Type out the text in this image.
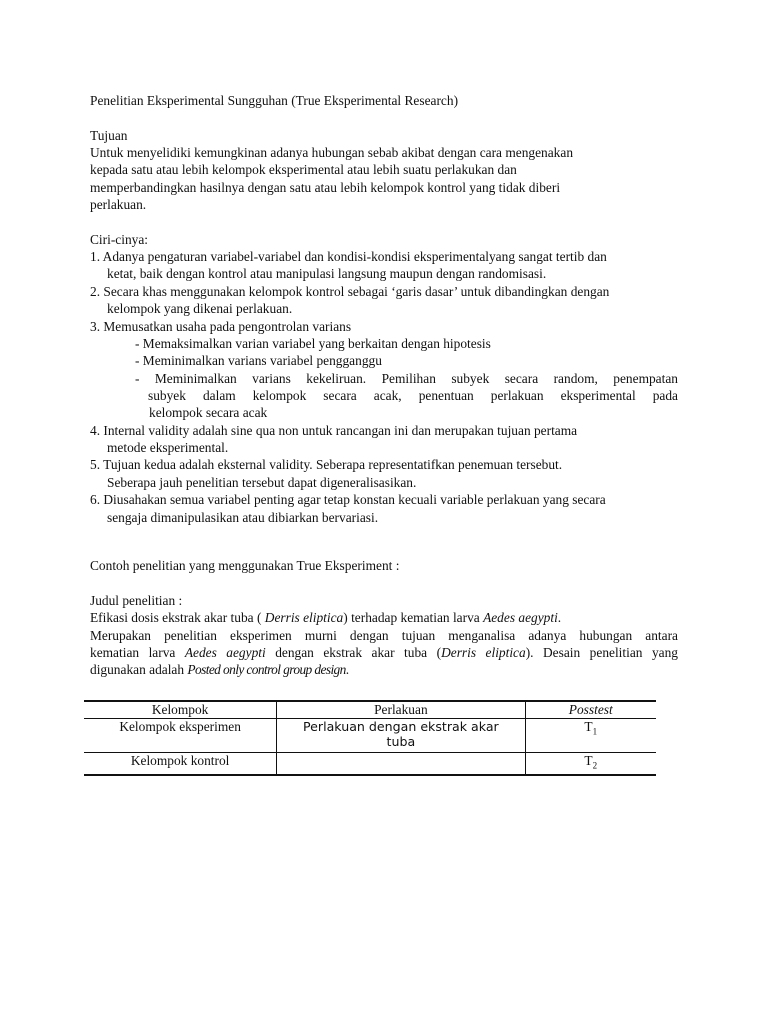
Penelitian Eksperimental Sungguhan (True Eksperimental Research)
Tujuan
Untuk menyelidiki kemungkinan adanya hubungan sebab akibat dengan cara mengenakan
kepada satu atau lebih kelompok eksperimental atau lebih suatu perlakukan dan
memperbandingkan hasilnya dengan satu atau lebih kelompok kontrol yang tidak diberi
perlakuan.
Ciri-cinya:
1. Adanya pengaturan variabel-variabel dan kondisi-kondisi eksperimentalyang sangat tertib dan
ketat, baik dengan kontrol atau manipulasi langsung maupun dengan randomisasi.
2. Secara khas menggunakan kelompok kontrol sebagai ‘garis dasar’ untuk dibandingkan dengan
kelompok yang dikenai perlakuan.
3. Memusatkan usaha pada pengontrolan varians
- Memaksimalkan varian variabel yang berkaitan dengan hipotesis
- Meminimalkan varians variabel pengganggu
- Meminimalkan varians kekeliruan. Pemilihan subyek secara random, penempatan
subyek dalam kelompok secara acak, penentuan perlakuan eksperimental pada
kelompok secara acak
4. Internal validity adalah sine qua non untuk rancangan ini dan merupakan tujuan pertama
metode eksperimental.
5. Tujuan kedua adalah eksternal validity. Seberapa representatifkan penemuan tersebut.
Seberapa jauh penelitian tersebut dapat digeneralisasikan.
6. Diusahakan semua variabel penting agar tetap konstan kecuali variable perlakuan yang secara
sengaja dimanipulasikan atau dibiarkan bervariasi.
Contoh penelitian yang menggunakan True Eksperiment :
Judul penelitian :
Efikasi dosis ekstrak akar tuba ( Derris eliptica) terhadap kematian larva Aedes aegypti.
Merupakan penelitian eksperimen murni dengan tujuan menganalisa adanya hubungan antara
kematian larva Aedes aegypti dengan ekstrak akar tuba (Derris eliptica). Desain penelitian yang
digunakan adalah Posted only control group design.
Kelompok	Perlakuan	Posstest
Kelompok eksperimen	Perlakuan dengan ekstrak akar tuba	$T_1$
Kelompok kontrol		$T_2$
